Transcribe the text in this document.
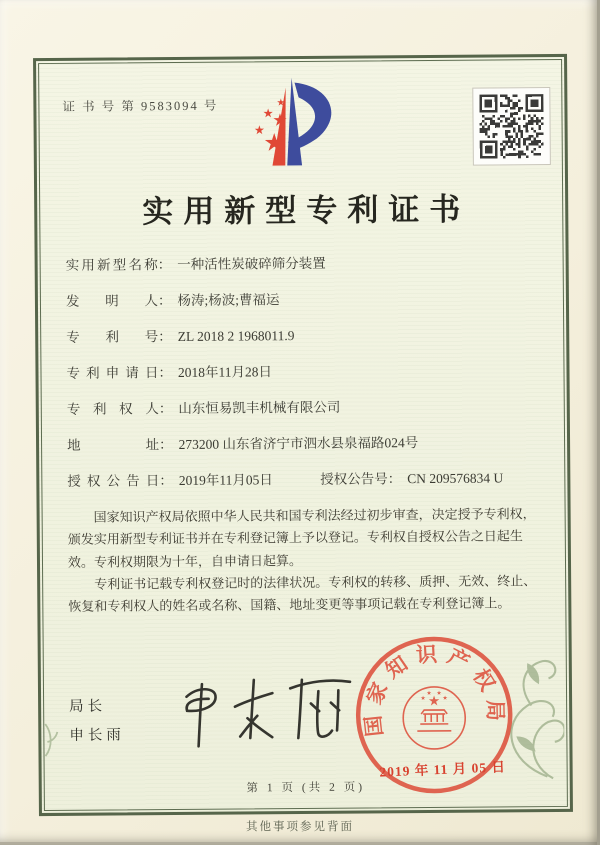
证 书 号 第 9583094 号
实用新型专利证书
实用新型名称： 一种活性炭破碎筛分装置
发明人： 杨涛;杨波;曹福运
专利号： ZL 2018 2 1968011.9
专利申请日： 2018年11月28日
专利权人： 山东恒易凯丰机械有限公司
地址： 273200 山东省济宁市泗水县泉福路024号
授权公告日： 2019年11月05日	授权公告号： CN 209576834 U

国家知识产权局依照中华人民共和国专利法经过初步审查，决定授予专利权，颁发实用新型专利证书并在专利登记簿上予以登记。专利权自授权公告之日起生效。专利权期限为十年，自申请日起算。

专利证书记载专利权登记时的法律状况。专利权的转移、质押、无效、终止、恢复和专利权人的姓名或名称、国籍、地址变更等事项记载在专利登记簿上。

局长
申长雨	国家知识产权局
2019 年 11 月 05 日
第 1 页 (共 2 页)
其他事项参见背面
